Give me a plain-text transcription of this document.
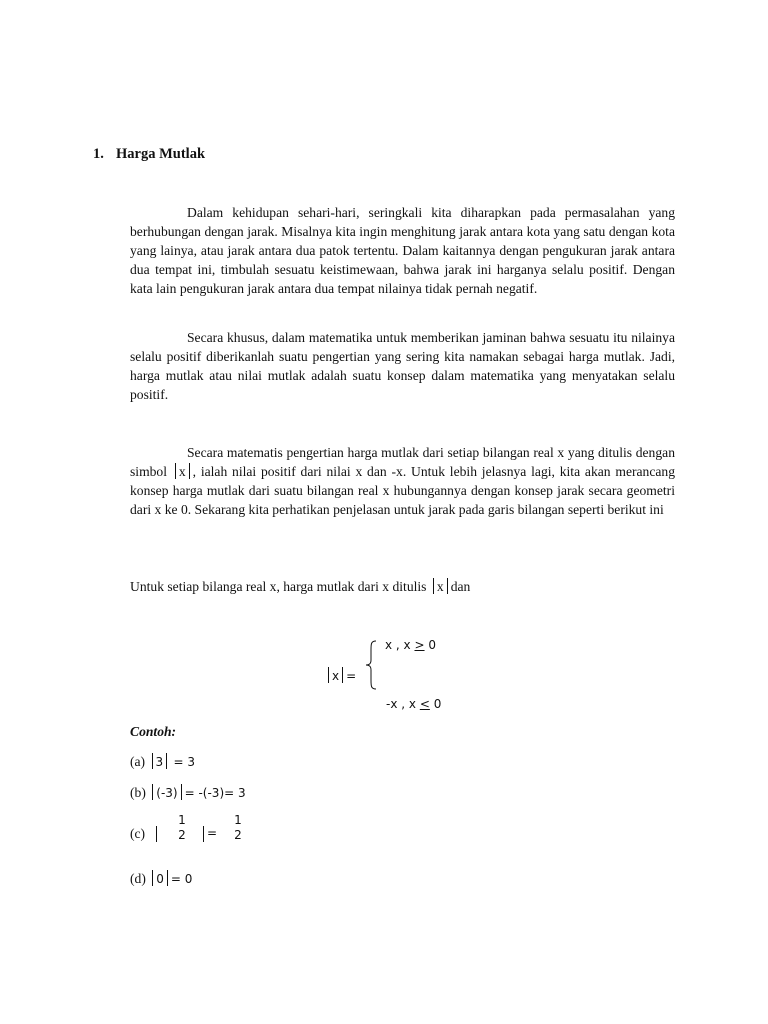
1. Harga Mutlak

Dalam kehidupan sehari-hari, seringkali kita diharapkan pada permasalahan yang berhubungan dengan jarak. Misalnya kita ingin menghitung jarak antara kota yang satu dengan kota yang lainya, atau jarak antara dua patok tertentu. Dalam kaitannya dengan pengukuran jarak antara dua tempat ini, timbulah sesuatu keistimewaan, bahwa jarak ini harganya selalu positif. Dengan kata lain pengukuran jarak antara dua tempat nilainya tidak pernah negatif.

Secara khusus, dalam matematika untuk memberikan jaminan bahwa sesuatu itu nilainya selalu positif diberikanlah suatu pengertian yang sering kita namakan sebagai harga mutlak. Jadi, harga mutlak atau nilai mutlak adalah suatu konsep dalam matematika yang menyatakan selalu positif.

Secara matematis pengertian harga mutlak dari setiap bilangan real x yang ditulis dengan simbol x , ialah nilai positif dari nilai x dan -x. Untuk lebih jelasnya lagi, kita akan merancang konsep harga mutlak dari suatu bilangan real x hubungannya dengan konsep jarak secara geometri dari x ke 0. Sekarang kita perhatikan penjelasan untuk jarak pada garis bilangan seperti berikut ini

Untuk setiap bilanga real x, harga mutlak dari x ditulis x dan
x , x > 0
x =
-x , x < 0
Contoh:
(a) 3 = 3
(b) (-3) = -(-3)= 3
(c)
1
2 =
1
2
(d) 0 = 0
